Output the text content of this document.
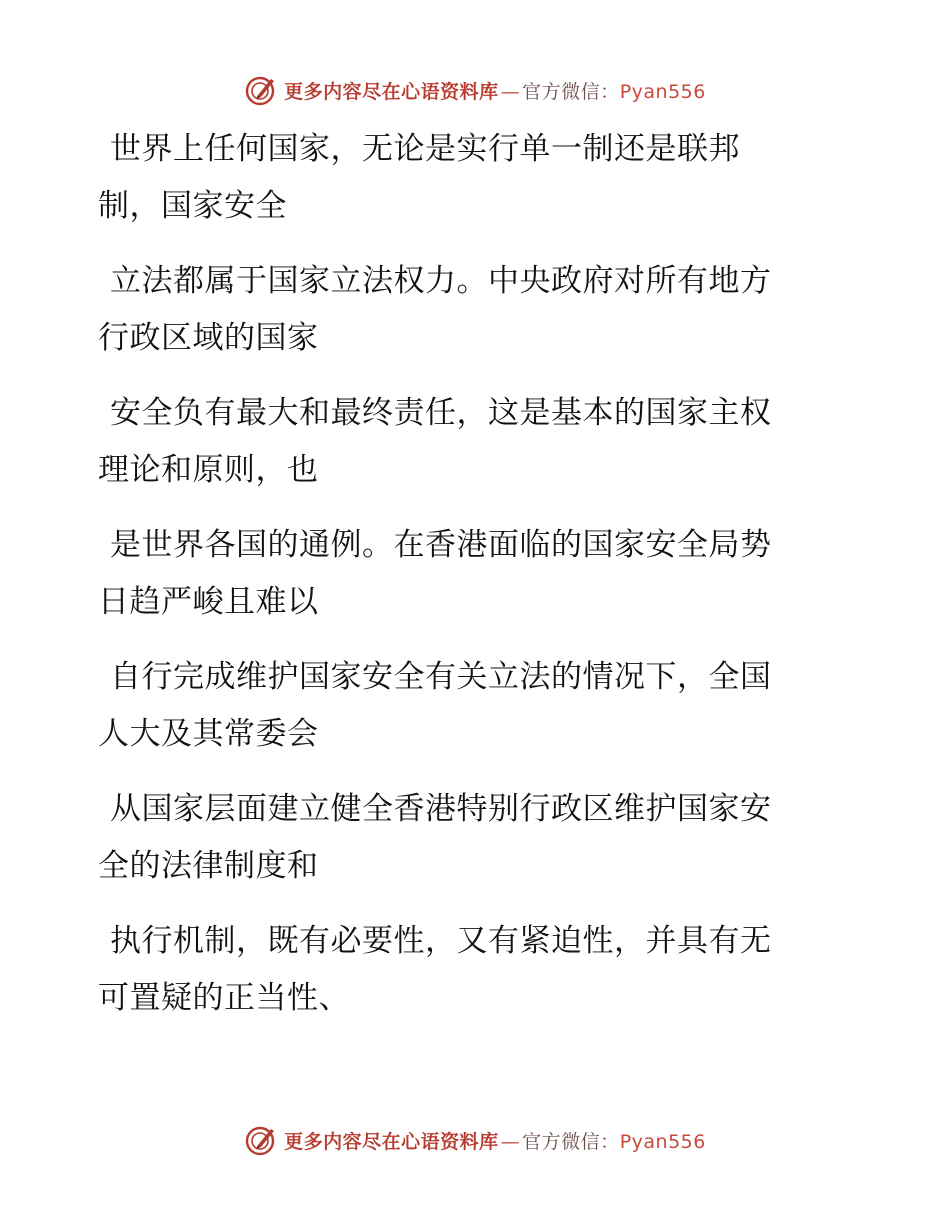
更多内容尽在心语资料库 — 官方微信：Pyan556
世界上任何国家，无论是实行单一制还是联邦
制，国家安全
立法都属于国家立法权力。中央政府对所有地方
行政区域的国家
安全负有最大和最终责任，这是基本的国家主权
理论和原则，也
是世界各国的通例。在香港面临的国家安全局势
日趋严峻且难以
自行完成维护国家安全有关立法的情况下，全国
人大及其常委会
从国家层面建立健全香港特别行政区维护国家安
全的法律制度和
执行机制，既有必要性，又有紧迫性，并具有无
可置疑的正当性、
更多内容尽在心语资料库 — 官方微信：Pyan556
